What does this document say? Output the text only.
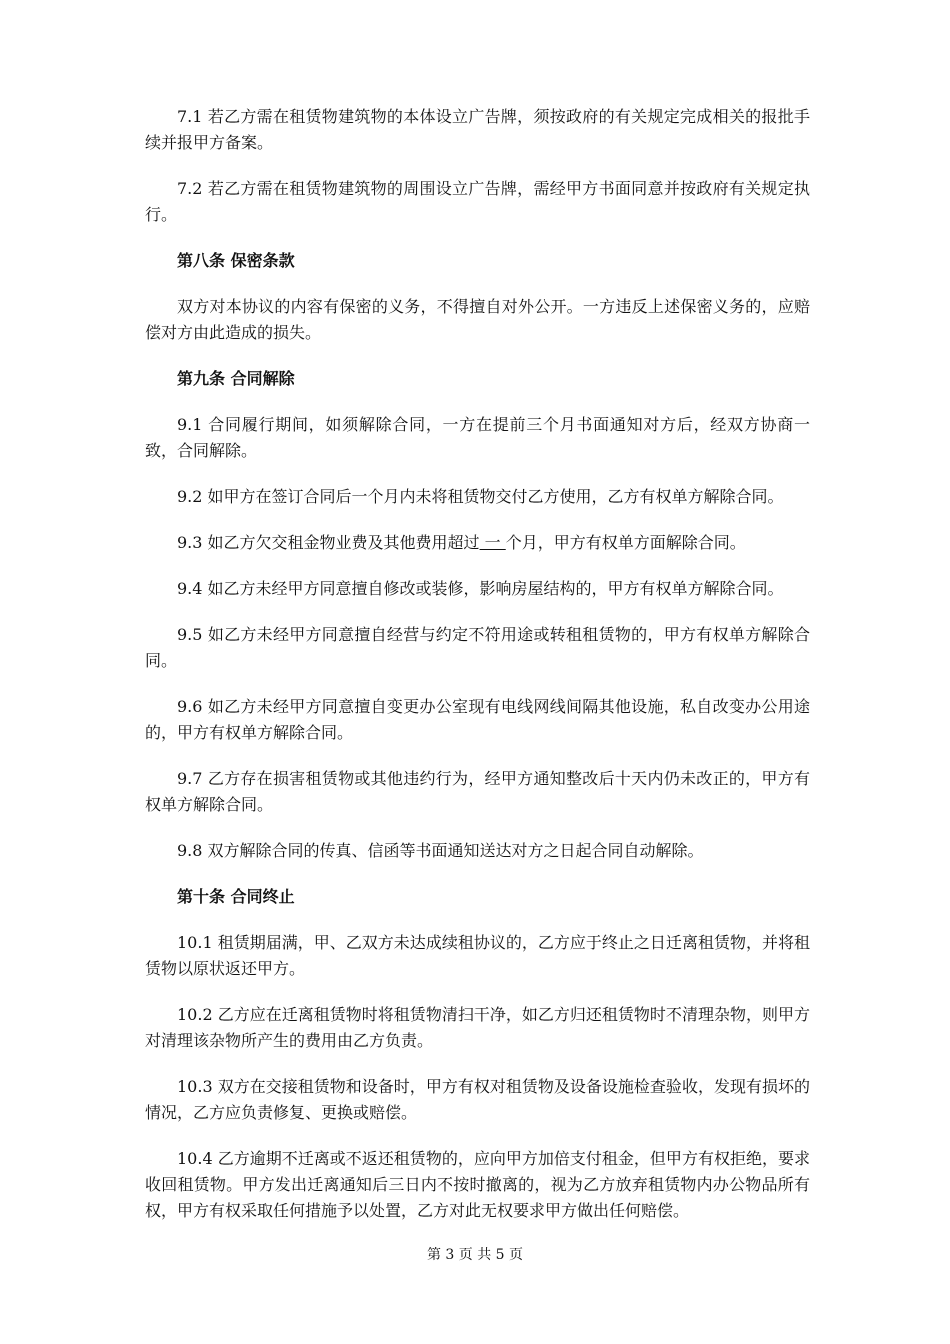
7.1 若乙方需在租赁物建筑物的本体设立广告牌，须按政府的有关规定完成相关的报批手续并报甲方备案。

7.2 若乙方需在租赁物建筑物的周围设立广告牌，需经甲方书面同意并按政府有关规定执行。

第八条 保密条款

双方对本协议的内容有保密的义务，不得擅自对外公开。一方违反上述保密义务的，应赔偿对方由此造成的损失。

第九条 合同解除

9.1 合同履行期间，如须解除合同，一方在提前三个月书面通知对方后，经双方协商一致，合同解除。

9.2 如甲方在签订合同后一个月内未将租赁物交付乙方使用，乙方有权单方解除合同。

9.3 如乙方欠交租金物业费及其他费用超过 一 个月，甲方有权单方面解除合同。

9.4 如乙方未经甲方同意擅自修改或装修，影响房屋结构的，甲方有权单方解除合同。

9.5 如乙方未经甲方同意擅自经营与约定不符用途或转租租赁物的，甲方有权单方解除合同。

9.6 如乙方未经甲方同意擅自变更办公室现有电线网线间隔其他设施，私自改变办公用途的，甲方有权单方解除合同。

9.7 乙方存在损害租赁物或其他违约行为，经甲方通知整改后十天内仍未改正的，甲方有权单方解除合同。

9.8 双方解除合同的传真、信函等书面通知送达对方之日起合同自动解除。

第十条 合同终止

10.1 租赁期届满，甲、乙双方未达成续租协议的，乙方应于终止之日迁离租赁物，并将租赁物以原状返还甲方。

10.2 乙方应在迁离租赁物时将租赁物清扫干净，如乙方归还租赁物时不清理杂物，则甲方对清理该杂物所产生的费用由乙方负责。

10.3 双方在交接租赁物和设备时，甲方有权对租赁物及设备设施检查验收，发现有损坏的情况，乙方应负责修复、更换或赔偿。

10.4 乙方逾期不迁离或不返还租赁物的，应向甲方加倍支付租金，但甲方有权拒绝，要求收回租赁物。甲方发出迁离通知后三日内不按时撤离的，视为乙方放弃租赁物内办公物品所有权，甲方有权采取任何措施予以处置，乙方对此无权要求甲方做出任何赔偿。

第 3 页 共 5 页
